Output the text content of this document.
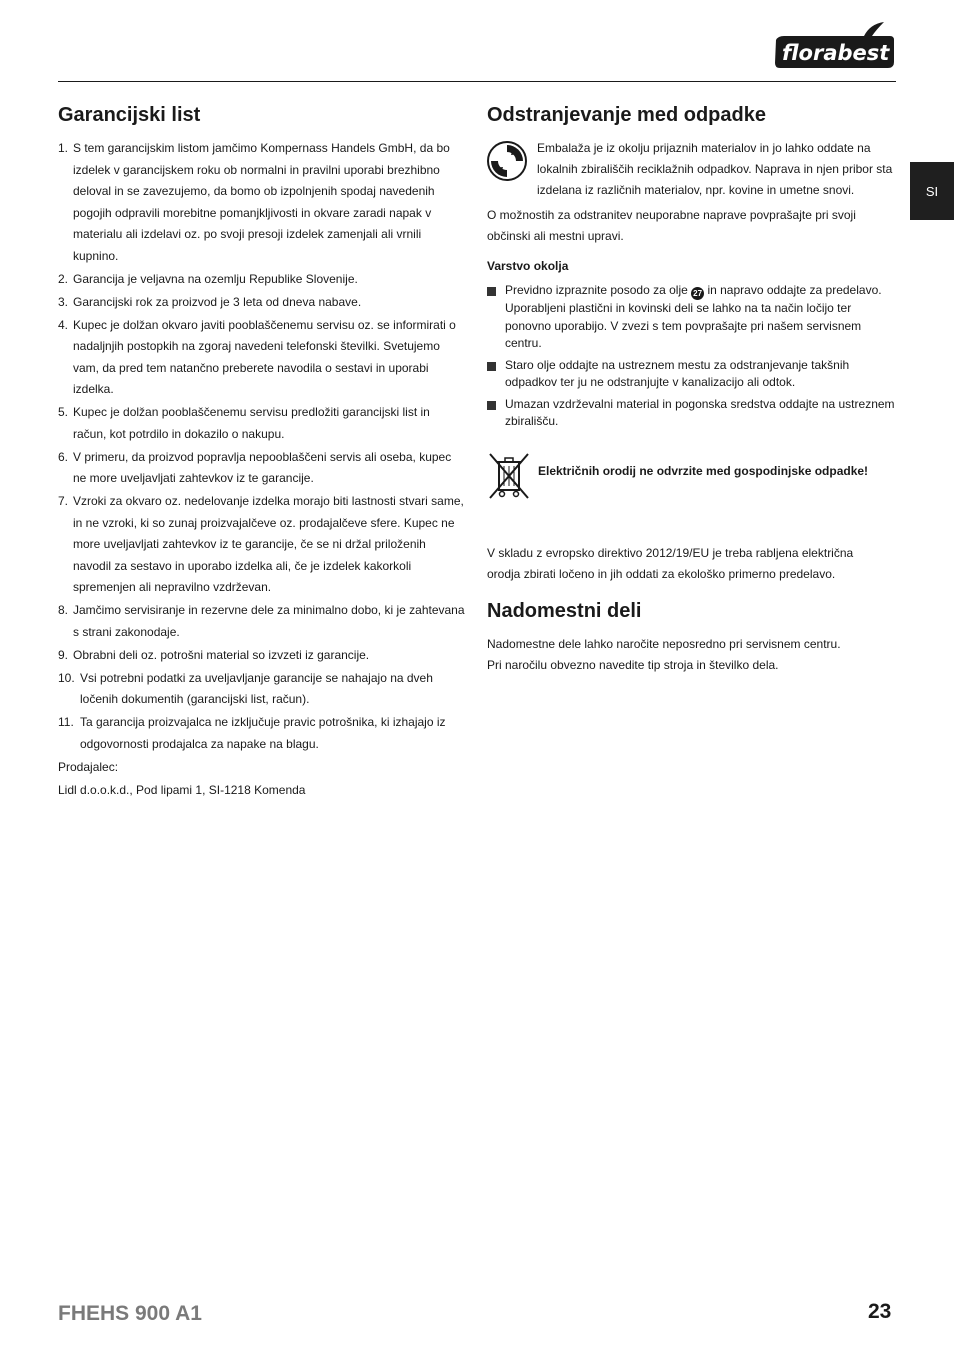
florabest
SI
Garancijski list
1. S tem garancijskim listom jamčimo Kompernass Handels GmbH, da bo izdelek v garancijskem roku ob normalni in pravilni uporabi brezhibno deloval in se zavezujemo, da bomo ob izpolnjenih spodaj navedenih pogojih odpravili morebitne pomanjkljivosti in okvare zaradi napak v materialu ali izdelavi oz. po svoji presoji izdelek zamenjali ali vrnili kupnino.
2. Garancija je veljavna na ozemlju Republike Slovenije.
3. Garancijski rok za proizvod je 3 leta od dneva nabave.
4. Kupec je dolžan okvaro javiti pooblaščenemu servisu oz. se informirati o nadaljnjih postopkih na zgoraj navedeni telefonski številki. Svetujemo vam, da pred tem natančno preberete navodila o sestavi in uporabi izdelka.
5. Kupec je dolžan pooblaščenemu servisu predložiti garancijski list in račun, kot potrdilo in dokazilo o nakupu.
6. V primeru, da proizvod popravlja nepooblaščeni servis ali oseba, kupec ne more uveljavljati zahtevkov iz te garancije.
7. Vzroki za okvaro oz. nedelovanje izdelka morajo biti lastnosti stvari same, in ne vzroki, ki so zunaj proizvajalčeve oz. prodajalčeve sfere. Kupec ne more uveljavljati zahtevkov iz te garancije, če se ni držal priloženih navodil za sestavo in uporabo izdelka ali, če je izdelek kakorkoli spremenjen ali nepravilno vzdrževan.
8. Jamčimo servisiranje in rezervne dele za minimalno dobo, ki je zahtevana s strani zakonodaje.
9. Obrabni deli oz. potrošni material so izvzeti iz garancije.
10. Vsi potrebni podatki za uveljavljanje garancije se nahajajo na dveh ločenih dokumentih (garancijski list, račun).
11. Ta garancija proizvajalca ne izključuje pravic potrošnika, ki izhajajo iz odgovornosti prodajalca za napake na blagu.

Prodajalec:

Lidl d.o.o.k.d., Pod lipami 1, SI-1218 Komenda

Odstranjevanje med odpadke
Embalaža je iz okolju prijaznih materialov in jo lahko oddate na lokalnih zbirališčih reciklažnih odpadkov. Naprava in njen pribor sta izdelana iz različnih materialov, npr. kovine in umetne snovi.
O možnostih za odstranitev neuporabne naprave povprašajte pri svoji občinski ali mestni upravi.
Varstvo okolja
Previdno izpraznite posodo za olje 27 in napravo oddajte za predelavo. Uporabljeni plastični in kovinski deli se lahko na ta način ločijo ter ponovno uporabijo. V zvezi s tem povprašajte pri našem servisnem centru.
Staro olje oddajte na ustreznem mestu za odstranjevanje takšnih odpadkov ter ju ne odstranjujte v kanalizacijo ali odtok.
Umazan vzdrževalni material in pogonska sredstva oddajte na ustreznem zbirališču.
Električnih orodij ne odvrzite med gospodinjske odpadke!
V skladu z evropsko direktivo 2012/19/EU je treba rabljena električna orodja zbirati ločeno in jih oddati za ekološko primerno predelavo.
Nadomestni deli
Nadomestne dele lahko naročite neposredno pri servisnem centru.
Pri naročilu obvezno navedite tip stroja in številko dela.
FHEHS 900 A1	23
